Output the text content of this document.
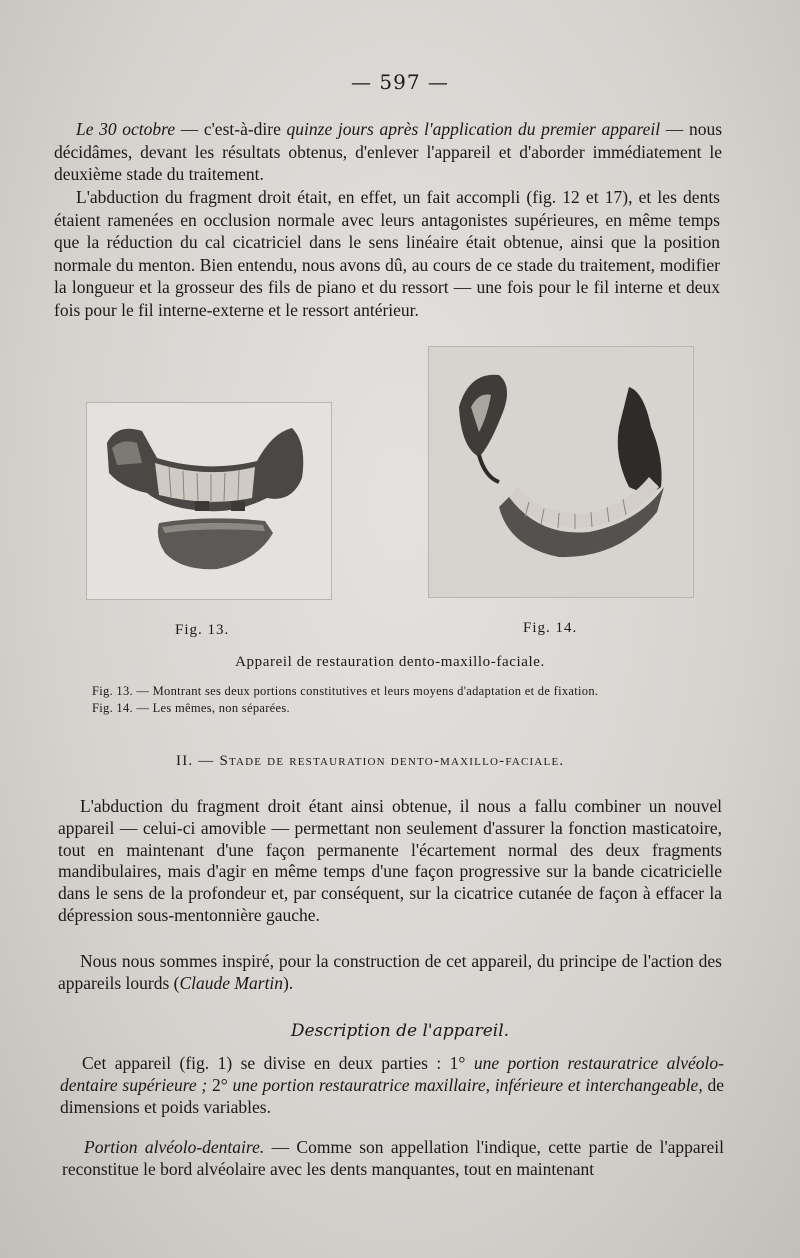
— 597 —
Le 30 octobre — c'est-à-dire quinze jours après l'application du premier appareil — nous décidâmes, devant les résultats obtenus, d'enlever l'appareil et d'aborder immédiatement le deuxième stade du traitement.
L'abduction du fragment droit était, en effet, un fait accompli (fig. 12 et 17), et les dents étaient ramenées en occlusion normale avec leurs antagonistes supérieures, en même temps que la réduction du cal cicatriciel dans le sens linéaire était obtenue, ainsi que la position normale du menton. Bien entendu, nous avons dû, au cours de ce stade du traitement, modifier la longueur et la grosseur des fils de piano et du ressort — une fois pour le fil interne et deux fois pour le fil interne-externe et le ressort antérieur.
Fig. 13.	Fig. 14.
Appareil de restauration dento-maxillo-faciale.
Fig. 13. — Montrant ses deux portions constitutives et leurs moyens d'adaptation et de fixation.
Fig. 14. — Les mêmes, non séparées.
II. — Stade de restauration dento-maxillo-faciale.
L'abduction du fragment droit étant ainsi obtenue, il nous a fallu combiner un nouvel appareil — celui-ci amovible — permettant non seulement d'assurer la fonction masticatoire, tout en maintenant d'une façon permanente l'écartement normal des deux fragments mandibulaires, mais d'agir en même temps d'une façon progressive sur la bande cicatricielle dans le sens de la profondeur et, par conséquent, sur la cicatrice cutanée de façon à effacer la dépression sous-mentonnière gauche.
Nous nous sommes inspiré, pour la construction de cet appareil, du principe de l'action des appareils lourds (Claude Martin).
Description de l'appareil.
Cet appareil (fig. 1) se divise en deux parties : 1° une portion restauratrice alvéolo-dentaire supérieure ; 2° une portion restauratrice maxillaire, inférieure et interchangeable, de dimensions et poids variables.
Portion alvéolo-dentaire. — Comme son appellation l'indique, cette partie de l'appareil reconstitue le bord alvéolaire avec les dents manquantes, tout en maintenant
